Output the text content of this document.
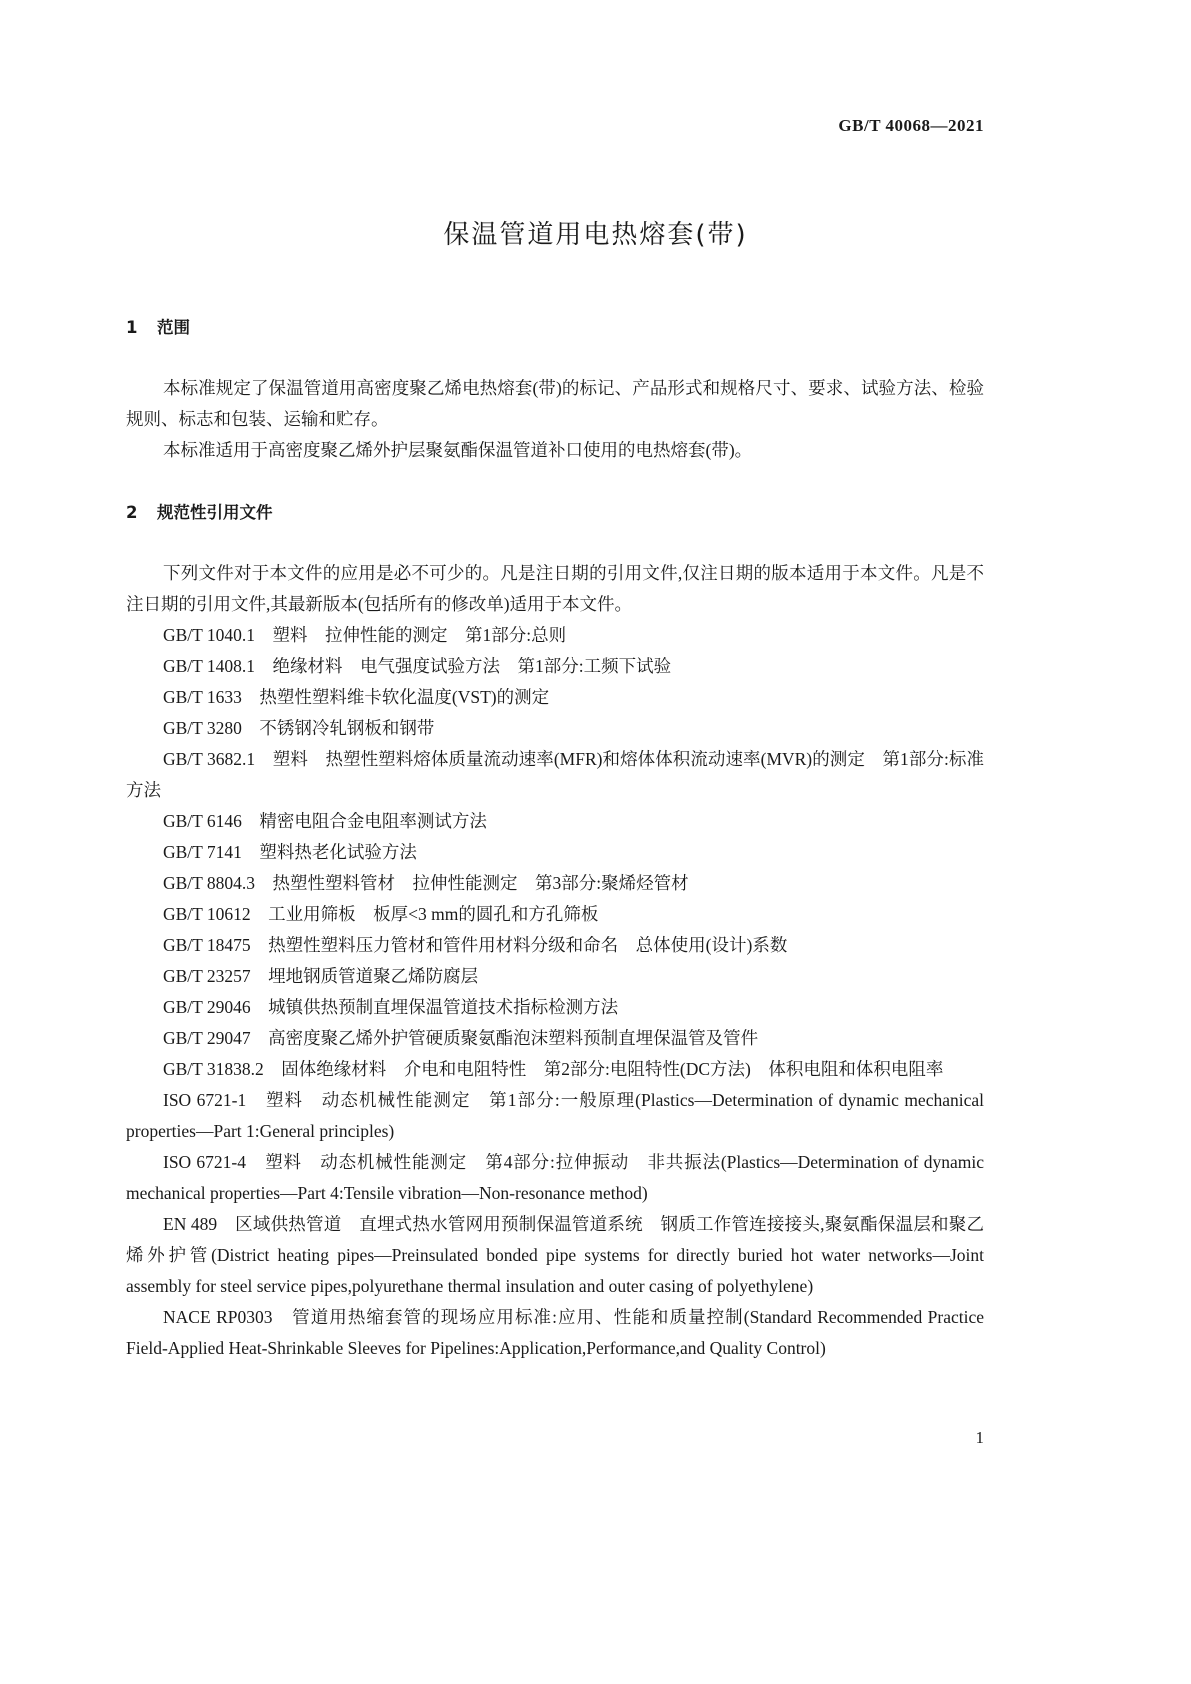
GB/T 40068—2021
保温管道用电热熔套(带)
1 范围

本标准规定了保温管道用高密度聚乙烯电热熔套(带)的标记、产品形式和规格尺寸、要求、试验方法、检验规则、标志和包装、运输和贮存。

本标准适用于高密度聚乙烯外护层聚氨酯保温管道补口使用的电热熔套(带)。

2 规范性引用文件

下列文件对于本文件的应用是必不可少的。凡是注日期的引用文件,仅注日期的版本适用于本文件。凡是不注日期的引用文件,其最新版本(包括所有的修改单)适用于本文件。

GB/T 1040.1　塑料　拉伸性能的测定　第1部分:总则
GB/T 1408.1　绝缘材料　电气强度试验方法　第1部分:工频下试验
GB/T 1633　热塑性塑料维卡软化温度(VST)的测定
GB/T 3280　不锈钢冷轧钢板和钢带
GB/T 3682.1　塑料　热塑性塑料熔体质量流动速率(MFR)和熔体体积流动速率(MVR)的测定　第1部分:标准方法
GB/T 6146　精密电阻合金电阻率测试方法
GB/T 7141　塑料热老化试验方法
GB/T 8804.3　热塑性塑料管材　拉伸性能测定　第3部分:聚烯烃管材
GB/T 10612　工业用筛板　板厚<3 mm的圆孔和方孔筛板
GB/T 18475　热塑性塑料压力管材和管件用材料分级和命名　总体使用(设计)系数
GB/T 23257　埋地钢质管道聚乙烯防腐层
GB/T 29046　城镇供热预制直埋保温管道技术指标检测方法
GB/T 29047　高密度聚乙烯外护管硬质聚氨酯泡沫塑料预制直埋保温管及管件
GB/T 31838.2　固体绝缘材料　介电和电阻特性　第2部分:电阻特性(DC方法)　体积电阻和体积电阻率
ISO 6721-1　塑料　动态机械性能测定　第1部分:一般原理(Plastics—Determination of dynamic mechanical properties—Part 1:General principles)
ISO 6721-4　塑料　动态机械性能测定　第4部分:拉伸振动　非共振法(Plastics—Determination of dynamic mechanical properties—Part 4:Tensile vibration—Non-resonance method)
EN 489　区域供热管道　直埋式热水管网用预制保温管道系统　钢质工作管连接接头,聚氨酯保温层和聚乙烯外护管(District heating pipes—Preinsulated bonded pipe systems for directly buried hot water networks—Joint assembly for steel service pipes,polyurethane thermal insulation and outer casing of polyethylene)
NACE RP0303　管道用热缩套管的现场应用标准:应用、性能和质量控制(Standard Recommended Practice Field-Applied Heat-Shrinkable Sleeves for Pipelines:Application,Performance,and Quality Control)
1
